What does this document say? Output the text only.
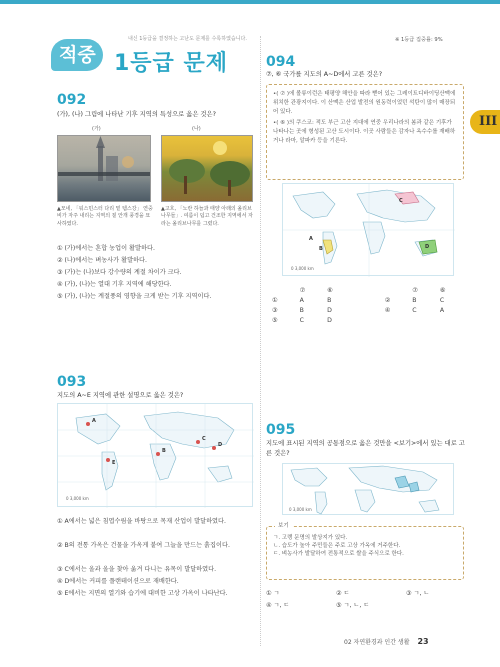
적중 1등급 문제
내신 1등급을 결정하는 고난도 문제를 수록하였습니다.	※ 1등급 집중률: 9%
III
092
(가), (나) 그림에 나타난 기후 지역의 특성으로 옳은 것은?
(가)	(나)
▲모네, 「워스민스터 다리 밑 템스강」 연중 비가 자주 내리는 지역의 짙 안개 풍경을 묘사하였다.
▲고흐, 「노란 하늘과 태양 아래의 올리브나무들」. 여름이 덥고 건조한 지역에서 자라는 올리브나무를 그렸다.
① (가)에서는 혼합 농업이 활발하다.
② (나)에서는 벼농사가 활발하다.
③ (가)는 (나)보다 강수량의 계절 차이가 크다.
④ (가), (나)는 열대 기후 지역에 해당한다.
⑤ (가), (나)는 계절풍의 영향을 크게 받는 기후 지역이다.
093
지도의 A~E 지역에 관한 설명으로 옳은 것은?
A
B
C
D
E
0 3,000 km
① A에서는 넓은 침엽수림을 바탕으로 목재 산업이 발달하였다.
② B의 전통 가옥은 건물을 가옥게 붙여 그늘을 만드는 흙집이다.
③ C에서는 올과 올을 찾아 옮겨 다니는 유목이 발달하였다.
④ D에서는 커피를 플랜테이션으로 재배한다.
⑤ E에서는 지면의 열기와 습기에 대비한 고상 가옥이 나타난다.
094
⑦, ⑥ 국가를 지도의 A~D에서 고른 것은?
•( ⑦ )에 볼류이런은 태평양 해안을 따라 뻗어 있는 그레이트디바이딩산맥에 위치한 관광지이다. 이 산맥은 산업 발전의 원동력이었던 석탄이 많이 매장되어 있다.
•( ⑥ )의 쿠스코: 적도 부근 고산 지대에 연중 우리나라의 봄과 같은 기후가 나타나는 곳에 형성된 고산 도시이다. 이곳 사람들은 감자나 옥수수를 재배하거나 라마, 알파카 등을 기른다.
A
B
C
D
0 3,000 km
	⑦	⑥			⑦	⑥
①	A	B		②	B	C
③	B	D		④	C	A
⑤	C	D				
095
지도에 표시된 지역의 공통점으로 옳은 것만을 <보기>에서 있는 대로 고른 것은?
0 3,000 km
보기
ㄱ. 고랭 문명의 발상지가 있다.
ㄴ. 습도가 높아 주민들은 주로 고상 가옥에 거주한다.
ㄷ. 벼농사가 발달하여 전통적으로 쌀을 주식으로 한다.
① ㄱ	② ㄷ	③ ㄱ, ㄴ
④ ㄱ, ㄷ	⑤ ㄱ, ㄴ, ㄷ
02 자연환경과 인간 생활 23
